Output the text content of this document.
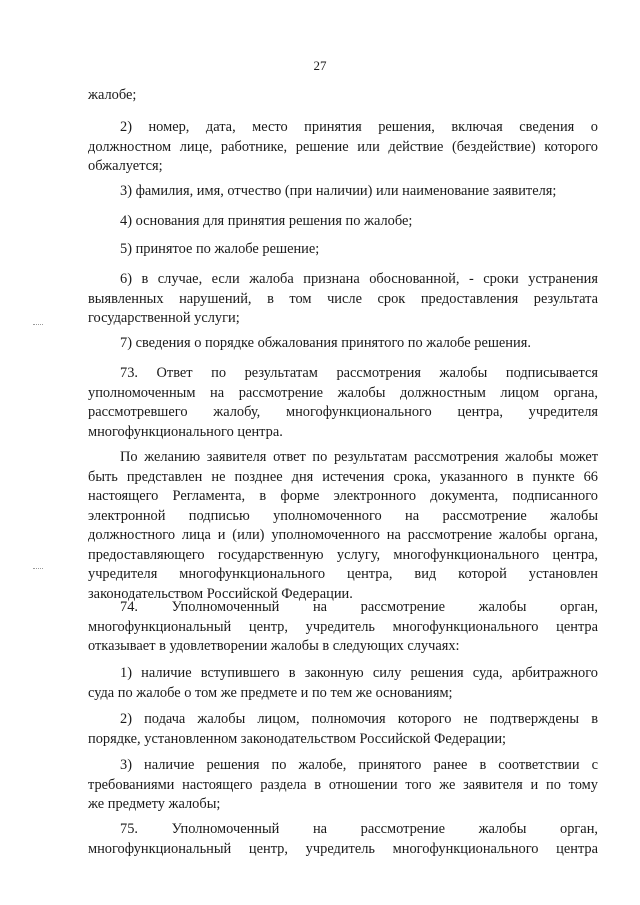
27
жалобе;
2) номер, дата, место принятия решения, включая сведения о
должностном лице, работнике, решение или действие (бездействие) которого
обжалуется;
3) фамилия, имя, отчество (при наличии) или наименование заявителя;
4) основания для принятия решения по жалобе;
5) принятое по жалобе решение;
6) в случае, если жалоба признана обоснованной, - сроки устранения
выявленных нарушений, в том числе срок предоставления результата
государственной услуги;
7) сведения о порядке обжалования принятого по жалобе решения.
73. Ответ по результатам рассмотрения жалобы подписывается
уполномоченным на рассмотрение жалобы должностным лицом органа,
рассмотревшего жалобу, многофункционального центра, учредителя
многофункционального центра.
По желанию заявителя ответ по результатам рассмотрения жалобы может
быть представлен не позднее дня истечения срока, указанного в пункте 66
настоящего Регламента, в форме электронного документа, подписанного
электронной подписью уполномоченного на рассмотрение жалобы
должностного лица и (или) уполномоченного на рассмотрение жалобы органа,
предоставляющего государственную услугу, многофункционального центра,
учредителя многофункционального центра, вид которой установлен
законодательством Российской Федерации.
74. Уполномоченный на рассмотрение жалобы орган,
многофункциональный центр, учредитель многофункционального центра
отказывает в удовлетворении жалобы в следующих случаях:
1) наличие вступившего в законную силу решения суда, арбитражного
суда по жалобе о том же предмете и по тем же основаниям;
2) подача жалобы лицом, полномочия которого не подтверждены в
порядке, установленном законодательством Российской Федерации;
3) наличие решения по жалобе, принятого ранее в соответствии с
требованиями настоящего раздела в отношении того же заявителя и по тому
же предмету жалобы;
75. Уполномоченный на рассмотрение жалобы орган,
многофункциональный центр, учредитель многофункционального центра
